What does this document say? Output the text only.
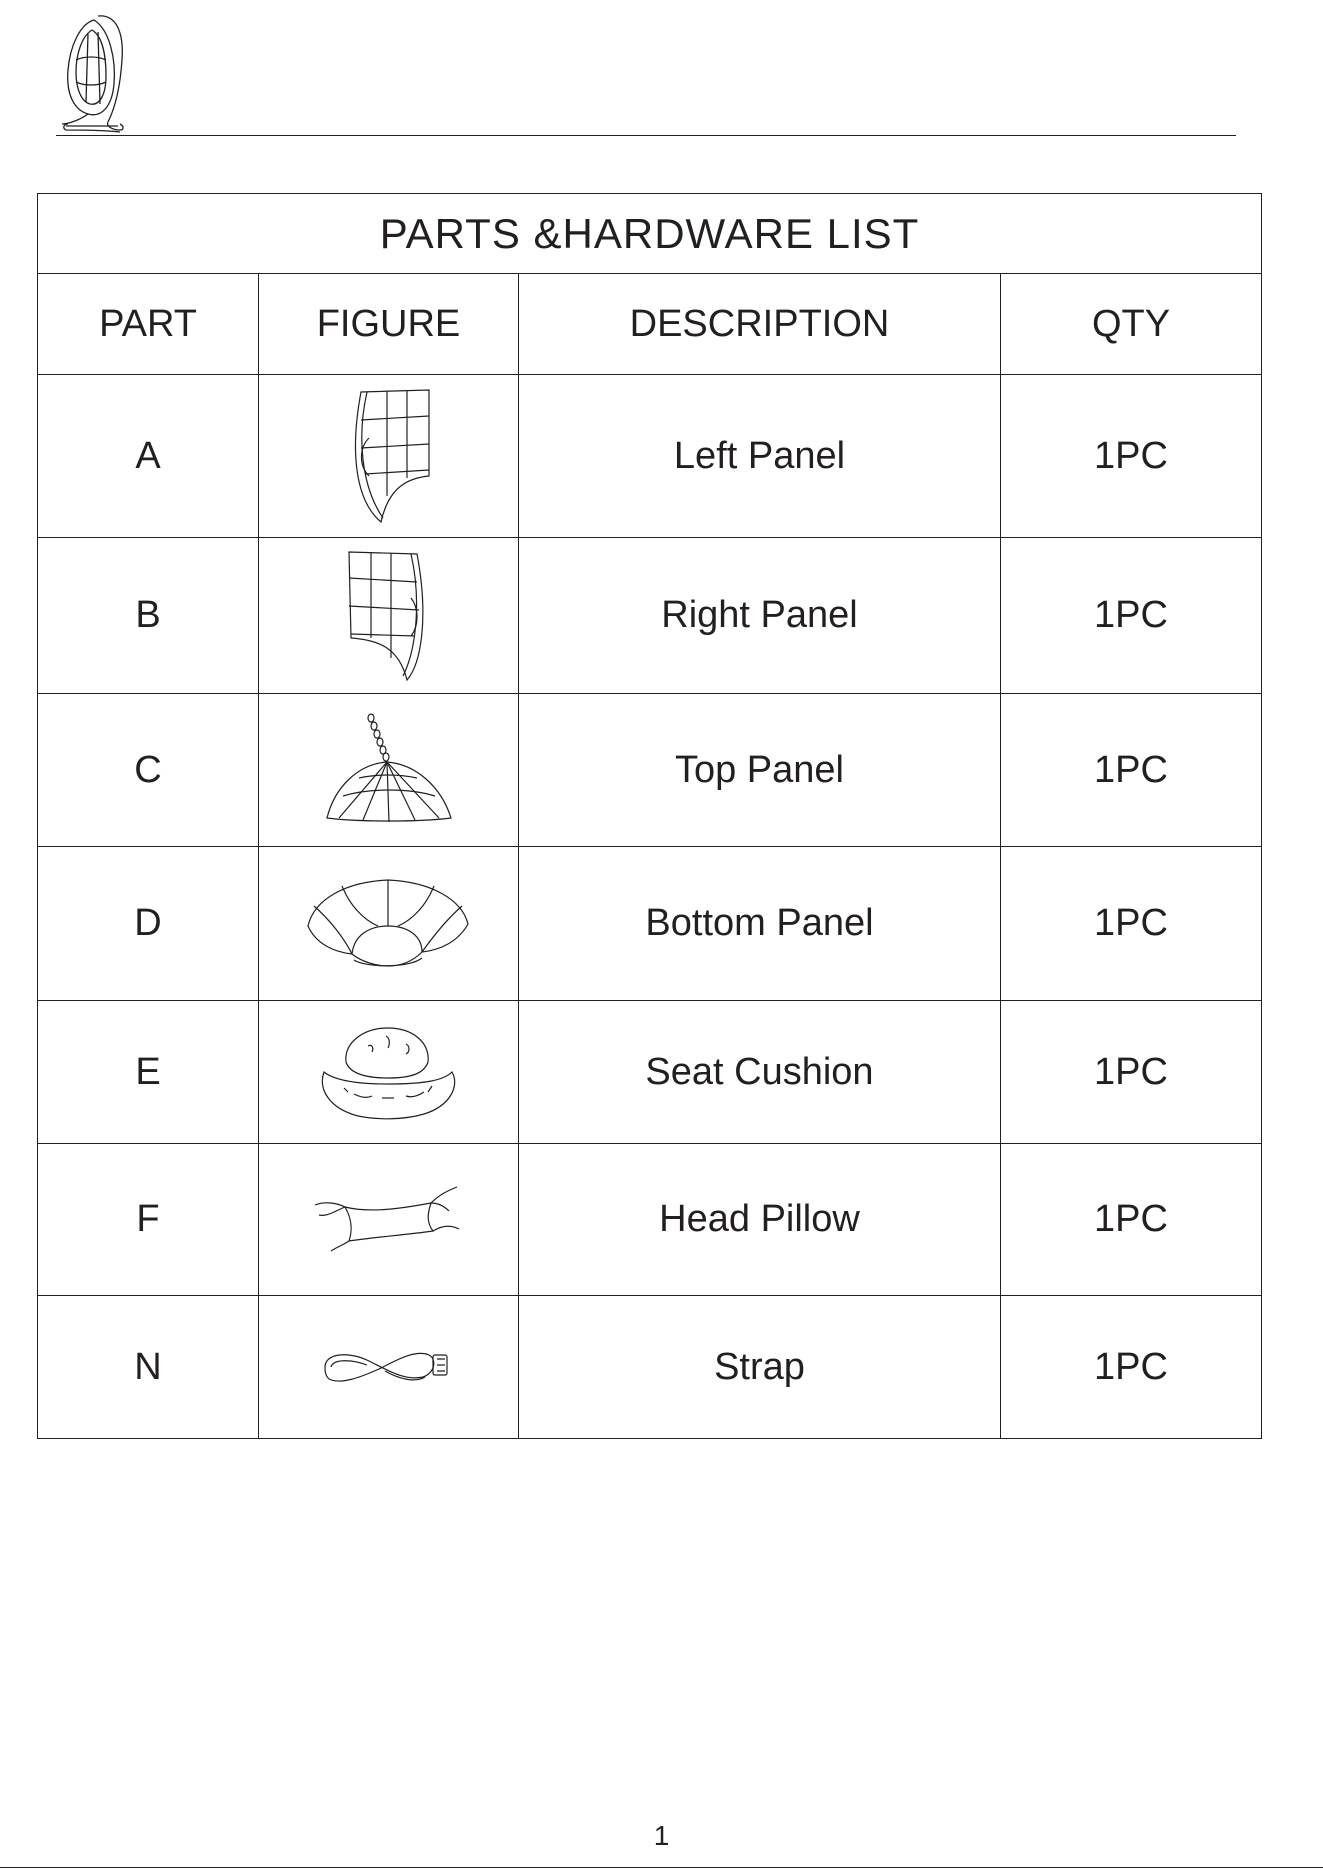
PARTS &HARDWARE LIST			
PART	FIGURE	DESCRIPTION	QTY
A		Left Panel	1PC
B		Right Panel	1PC
C		Top Panel	1PC
D		Bottom Panel	1PC
E		Seat Cushion	1PC
F		Head Pillow	1PC
N		Strap	1PC
1
